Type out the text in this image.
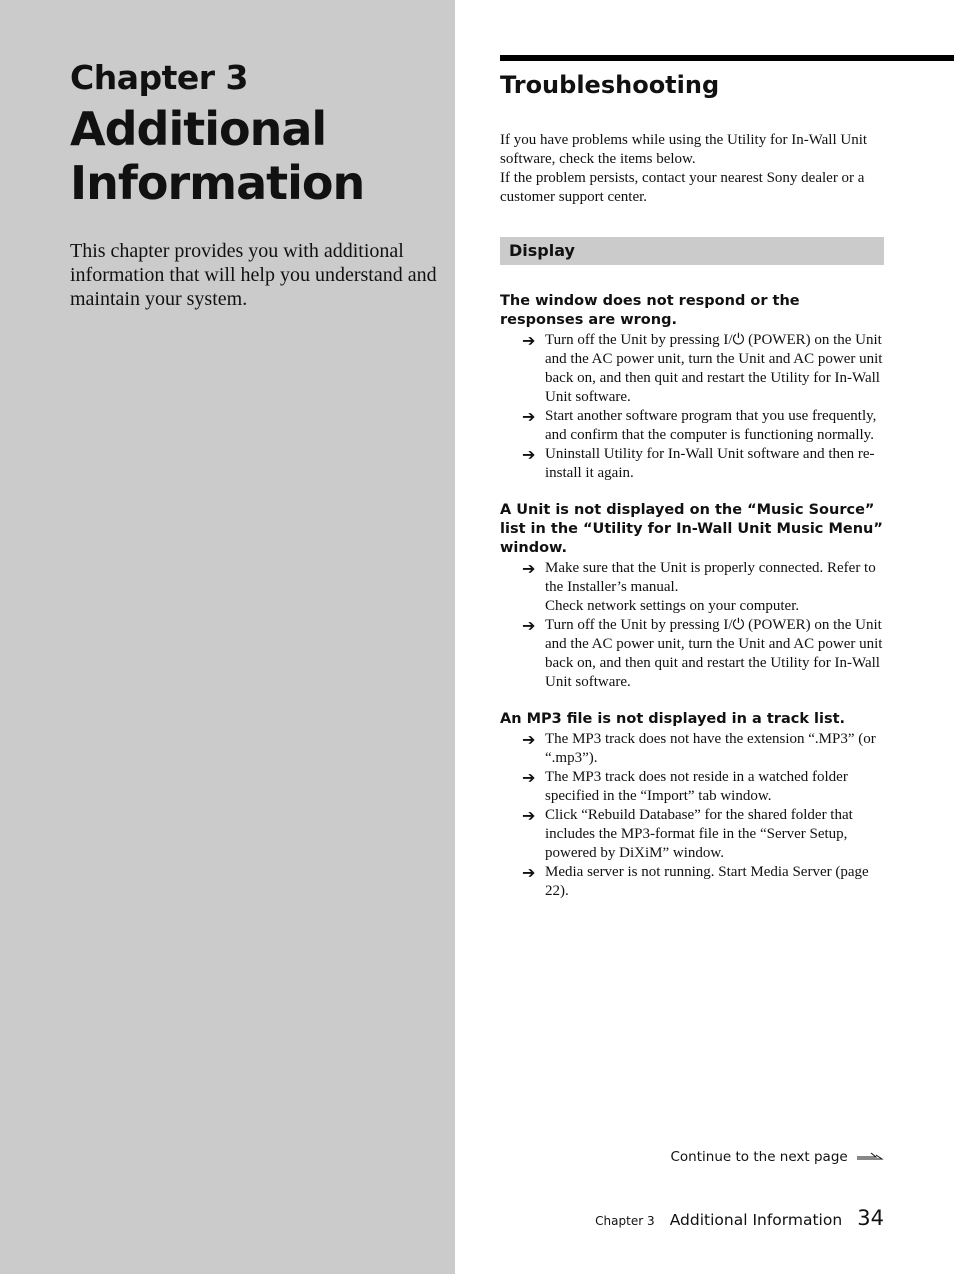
Chapter 3
Additional
Information
This chapter provides you with additional information that will help you understand and maintain your system.
Troubleshooting

If you have problems while using the Utility for In-Wall Unit software, check the items below.

If the problem persists, contact your nearest Sony dealer or a customer support center.

Display
The window does not respond or the responses are wrong.
➔ Turn off the Unit by pressing I/⏻ (POWER) on the Unit and the AC power unit, turn the Unit and AC power unit back on, and then quit and restart the Utility for In-Wall Unit software.
➔ Start another software program that you use frequently, and confirm that the computer is functioning normally.
➔ Uninstall Utility for In-Wall Unit software and then re-install it again.
A Unit is not displayed on the “Music Source” list in the “Utility for In-Wall Unit Music Menu” window.
➔ Make sure that the Unit is properly connected. Refer to the Installer’s manual.
Check network settings on your computer.
➔ Turn off the Unit by pressing I/⏻ (POWER) on the Unit and the AC power unit, turn the Unit and AC power unit back on, and then quit and restart the Utility for In-Wall Unit software.
An MP3 file is not displayed in a track list.
➔ The MP3 track does not have the extension “.MP3” (or “.mp3”).
➔ The MP3 track does not reside in a watched folder specified in the “Import” tab window.
➔ Click “Rebuild Database” for the shared folder that includes the MP3-format file in the “Server Setup, powered by DiXiM” window.
➔ Media server is not running. Start Media Server (page 22).
Continue to the next page
Chapter 3 Additional Information 34
